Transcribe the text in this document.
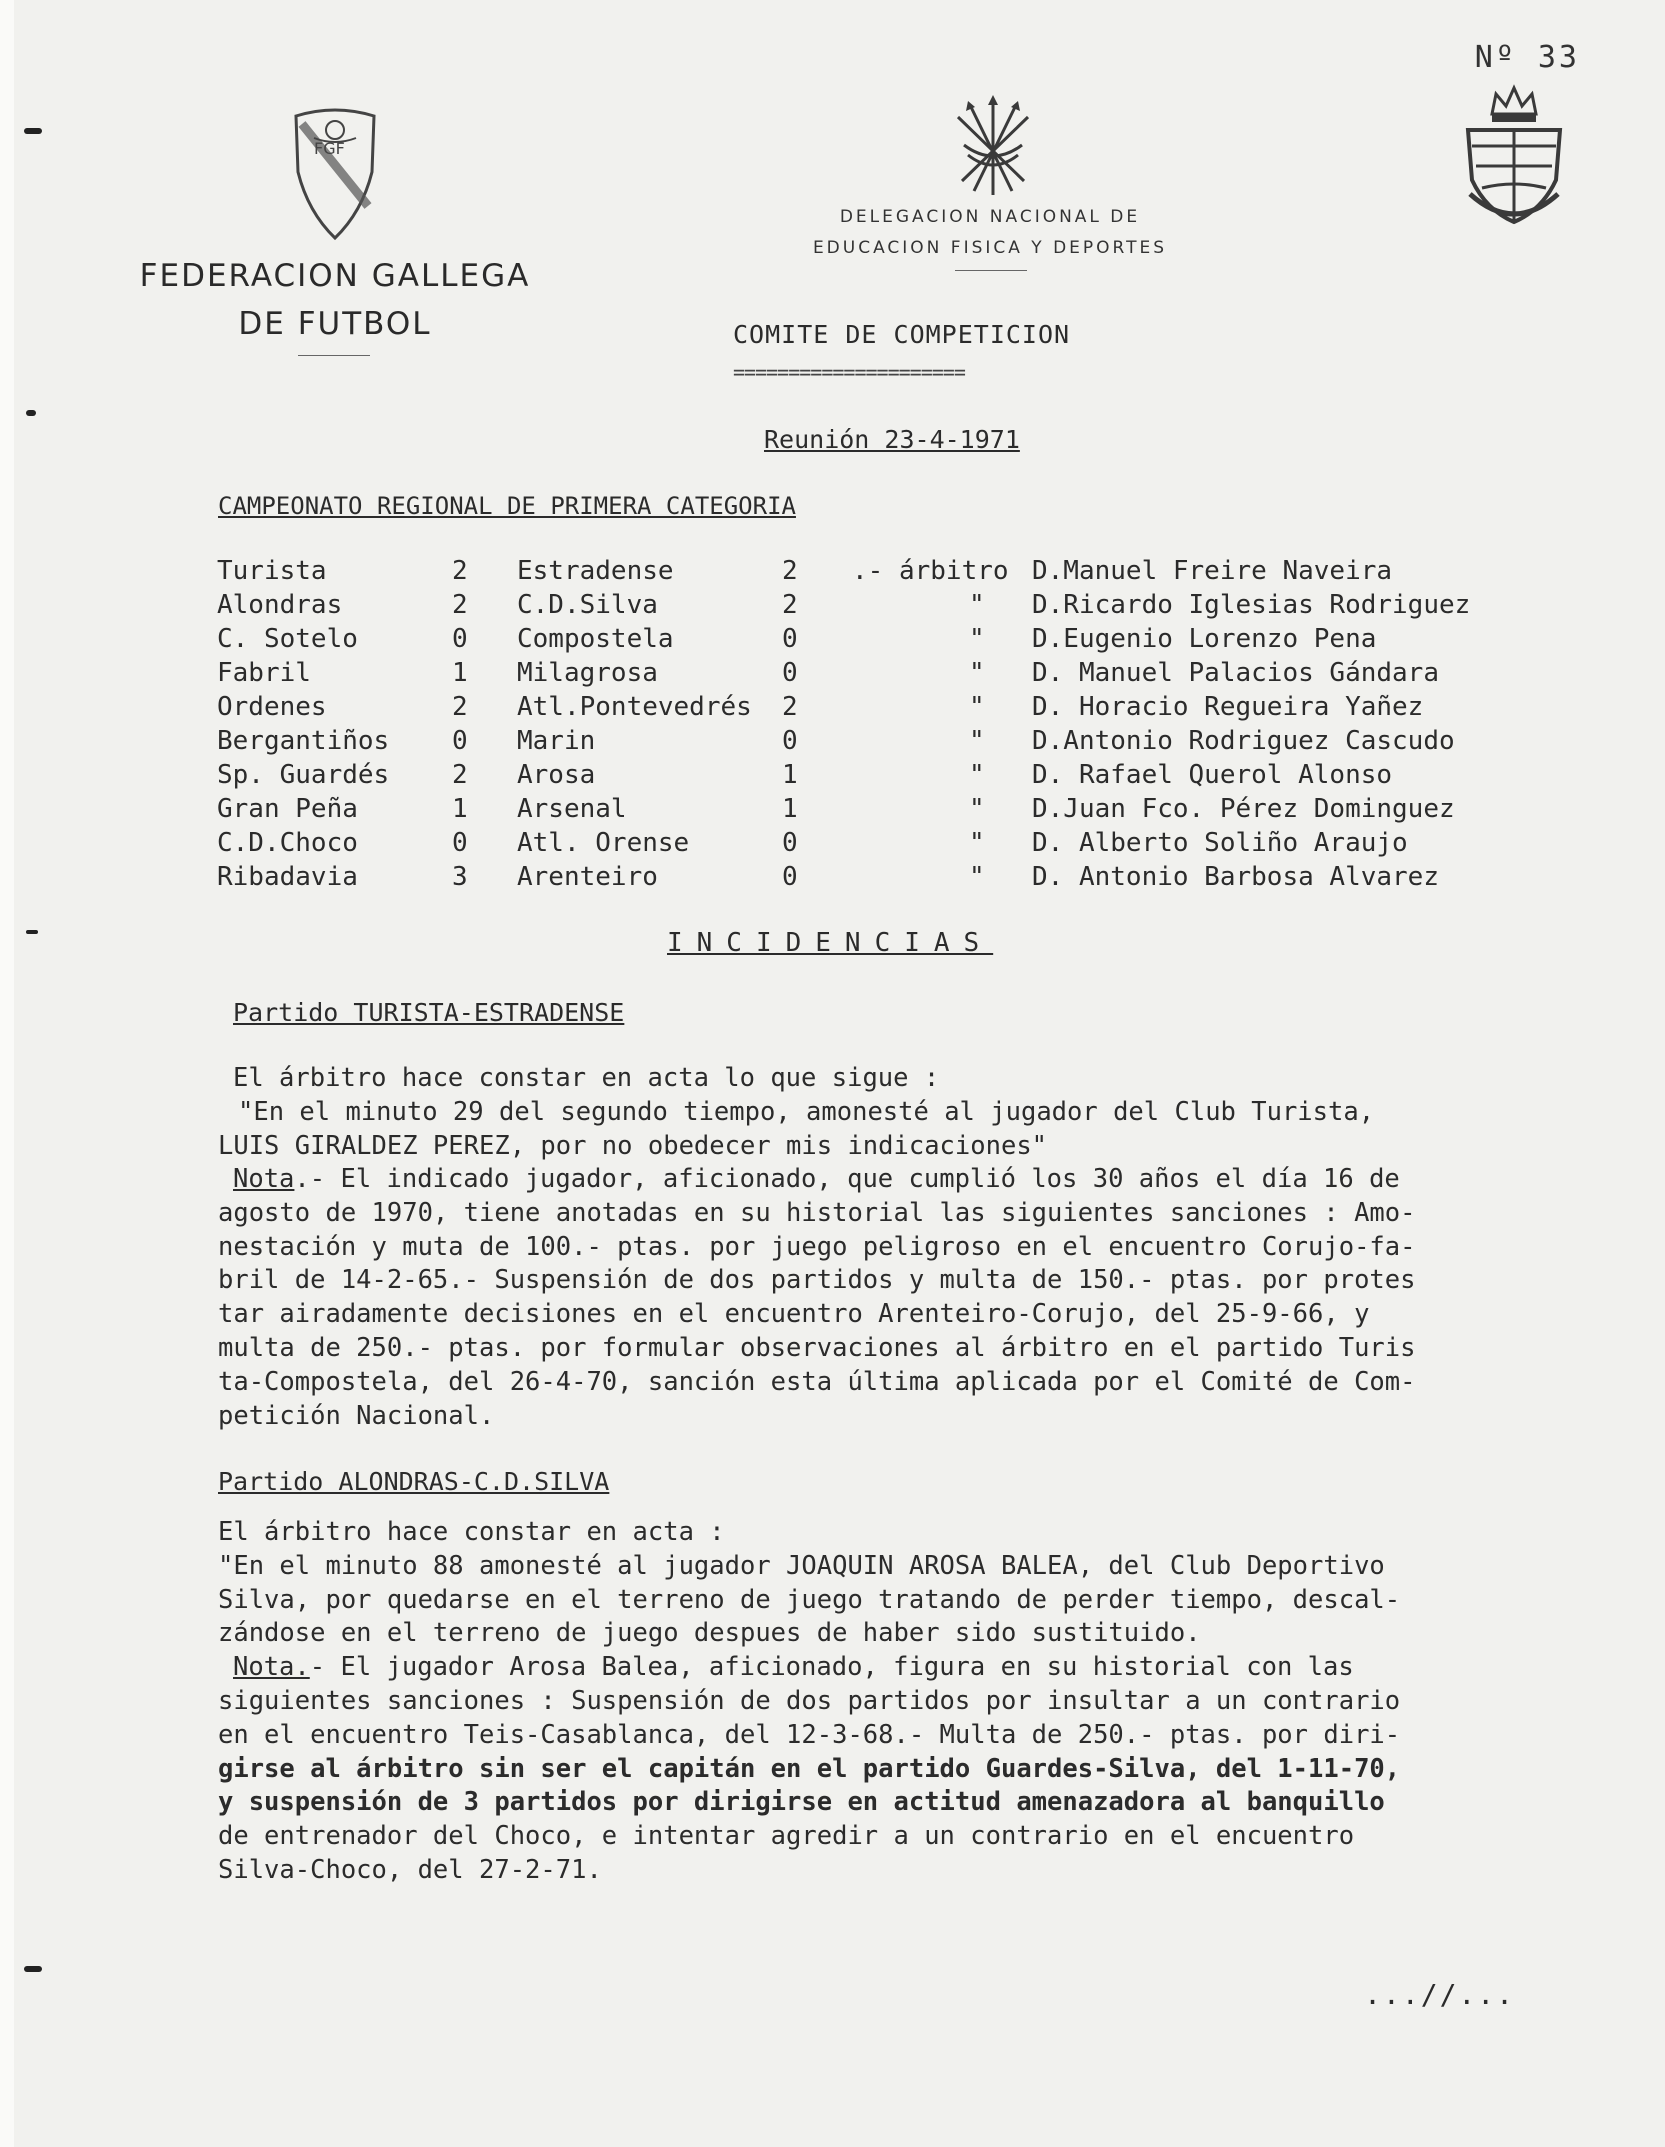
Nº 33
FGF
FEDERACION GALLEGA
DE FUTBOL
DELEGACION NACIONAL DE
EDUCACION FISICA Y DEPORTES
COMITE DE COMPETICION
=====================
Reunión 23-4-1971
CAMPEONATO REGIONAL DE PRIMERA CATEGORIA
Turista	2 Estradense	2 .- árbitro D.Manuel Freire Naveira
Alondras	2 C.D.Silva	2	" D.Ricardo Iglesias Rodriguez
C. Sotelo	0 Compostela	0	" D.Eugenio Lorenzo Pena
Fabril	1 Milagrosa	0	" D. Manuel Palacios Gándara
Ordenes	2 Atl.Pontevedrés 2	" D. Horacio Regueira Yañez
Bergantiños 0 Marin	0	" D.Antonio Rodriguez Cascudo
Sp. Guardés 2 Arosa	1	" D. Rafael Querol Alonso
Gran Peña	1 Arsenal	1	" D.Juan Fco. Pérez Dominguez
C.D.Choco	0 Atl. Orense	0	" D. Alberto Soliño Araujo
Ribadavia	3 Arenteiro	0	" D. Antonio Barbosa Alvarez
INCIDENCIAS
Partido TURISTA-ESTRADENSE
El árbitro hace constar en acta lo que sigue :
"En el minuto 29 del segundo tiempo, amonesté al jugador del Club Turista,
LUIS GIRALDEZ PEREZ, por no obedecer mis indicaciones"
Nota.- El indicado jugador, aficionado, que cumplió los 30 años el día 16 de
agosto de 1970, tiene anotadas en su historial las siguientes sanciones : Amo-
nestación y muta de 100.- ptas. por juego peligroso en el encuentro Corujo-fa-
bril de 14-2-65.- Suspensión de dos partidos y multa de 150.- ptas. por protes
tar airadamente decisiones en el encuentro Arenteiro-Corujo, del 25-9-66, y
multa de 250.- ptas. por formular observaciones al árbitro en el partido Turis
ta-Compostela, del 26-4-70, sanción esta última aplicada por el Comité de Com-
petición Nacional.
Partido ALONDRAS-C.D.SILVA
El árbitro hace constar en acta :
"En el minuto 88 amonesté al jugador JOAQUIN AROSA BALEA, del Club Deportivo
Silva, por quedarse en el terreno de juego tratando de perder tiempo, descal-
zándose en el terreno de juego despues de haber sido sustituido.
Nota.- El jugador Arosa Balea, aficionado, figura en su historial con las
siguientes sanciones : Suspensión de dos partidos por insultar a un contrario
en el encuentro Teis-Casablanca, del 12-3-68.- Multa de 250.- ptas. por diri-
girse al árbitro sin ser el capitán en el partido Guardes-Silva, del 1-11-70,
y suspensión de 3 partidos por dirigirse en actitud amenazadora al banquillo
de entrenador del Choco, e intentar agredir a un contrario en el encuentro
Silva-Choco, del 27-2-71.
...//...
